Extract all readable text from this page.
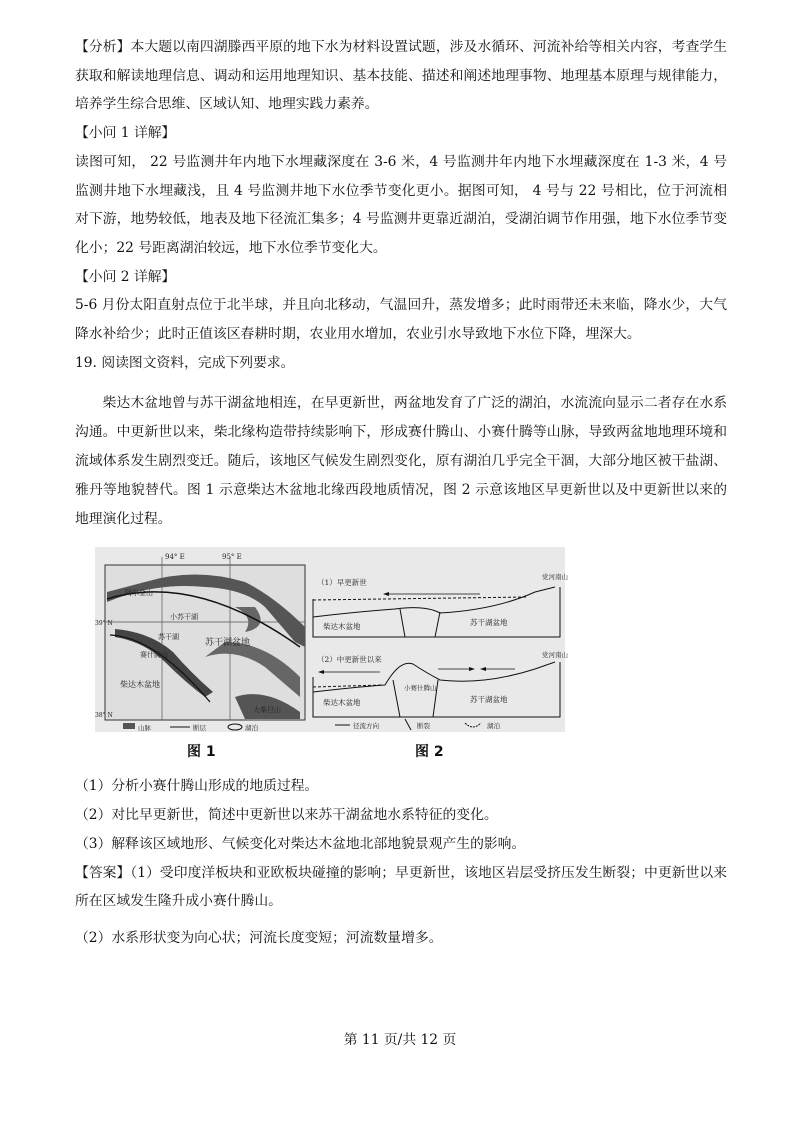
【分析】本大题以南四湖滕西平原的地下水为材料设置试题，涉及水循环、河流补给等相关内容，考查学生获取和解读地理信息、调动和运用地理知识、基本技能、描述和阐述地理事物、地理基本原理与规律能力，培养学生综合思维、区域认知、地理实践力素养。

【小问 1 详解】

读图可知， 22 号监测井年内地下水埋藏深度在 3-6 米，4 号监测井年内地下水埋藏深度在 1-3 米，4 号监测井地下水埋藏浅，且 4 号监测井地下水位季节变化更小。据图可知， 4 号与 22 号相比，位于河流相对下游，地势较低，地表及地下径流汇集多；4 号监测井更靠近湖泊，受湖泊调节作用强，地下水位季节变化小；22 号距离湖泊较远，地下水位季节变化大。

【小问 2 详解】

5-6 月份太阳直射点位于北半球，并且向北移动，气温回升，蒸发增多；此时雨带还未来临，降水少，大气降水补给少；此时正值该区春耕时期，农业用水增加，农业引水导致地下水位下降，埋深大。

19. 阅读图文资料，完成下列要求。

柴达木盆地曾与苏干湖盆地相连，在早更新世，两盆地发育了广泛的湖泊，水流流向显示二者存在水系沟通。中更新世以来，柴北缘构造带持续影响下，形成赛什腾山、小赛什腾等山脉，导致两盆地地理环境和流域体系发生剧烈变迁。随后，该地区气候发生剧烈变化，原有湖泊几乎完全干涸，大部分地区被干盐湖、雅丹等地貌替代。图 1 示意柴达木盆地北缘西段地质情况，图 2 示意该地区早更新世以及中更新世以来的地理演化过程。

94° E	95° E
39° N
38° N
阿尔金山
小苏干湖
苏干湖
苏干湖盆地
赛什腾山
柴达木盆地
大柴旦山
山脉	断层	湖泊
（1）早更新世
柴达木盆地	苏干湖盆地
党河南山
（2）中更新世以来
柴达木盆地	苏干湖盆地
小赛什腾山
党河南山
径流方向	断裂	湖泊
图 1	图 2

（1）分析小赛什腾山形成的地质过程。

（2）对比早更新世，简述中更新世以来苏干湖盆地水系特征的变化。

（3）解释该区域地形、气候变化对柴达木盆地北部地貌景观产生的影响。

【答案】（1）受印度洋板块和亚欧板块碰撞的影响；早更新世，该地区岩层受挤压发生断裂；中更新世以来所在区域发生隆升成小赛什腾山。

（2）水系形状变为向心状；河流长度变短；河流数量增多。

第 11 页/共 12 页
